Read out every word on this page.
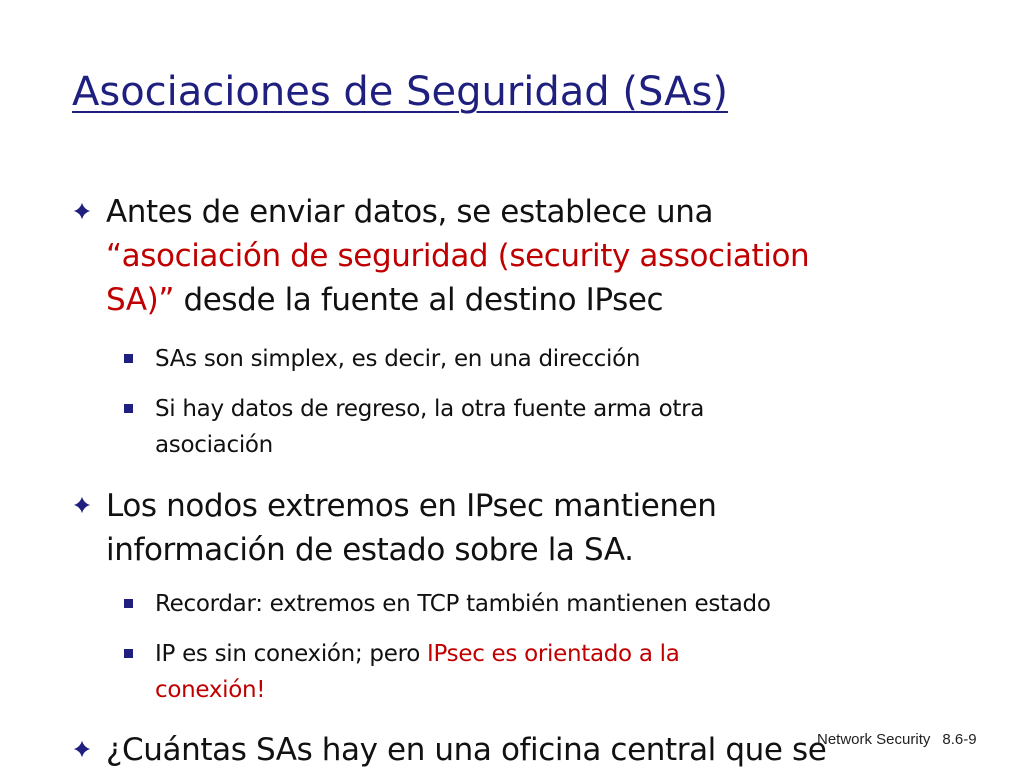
Asociaciones de Seguridad (SAs)
Antes de enviar datos, se establece una
“asociación de seguridad (security association
SA)” desde la fuente al destino IPsec
SAs son simplex, es decir, en una dirección
Si hay datos de regreso, la otra fuente arma otra
asociación
Los nodos extremos en IPsec mantienen
información de estado sobre la SA.
Recordar: extremos en TCP también mantienen estado
IP es sin conexión; pero IPsec es orientado a la
conexión!
¿Cuántas SAs hay en una oficina central que se
Network Security 8.6-9
